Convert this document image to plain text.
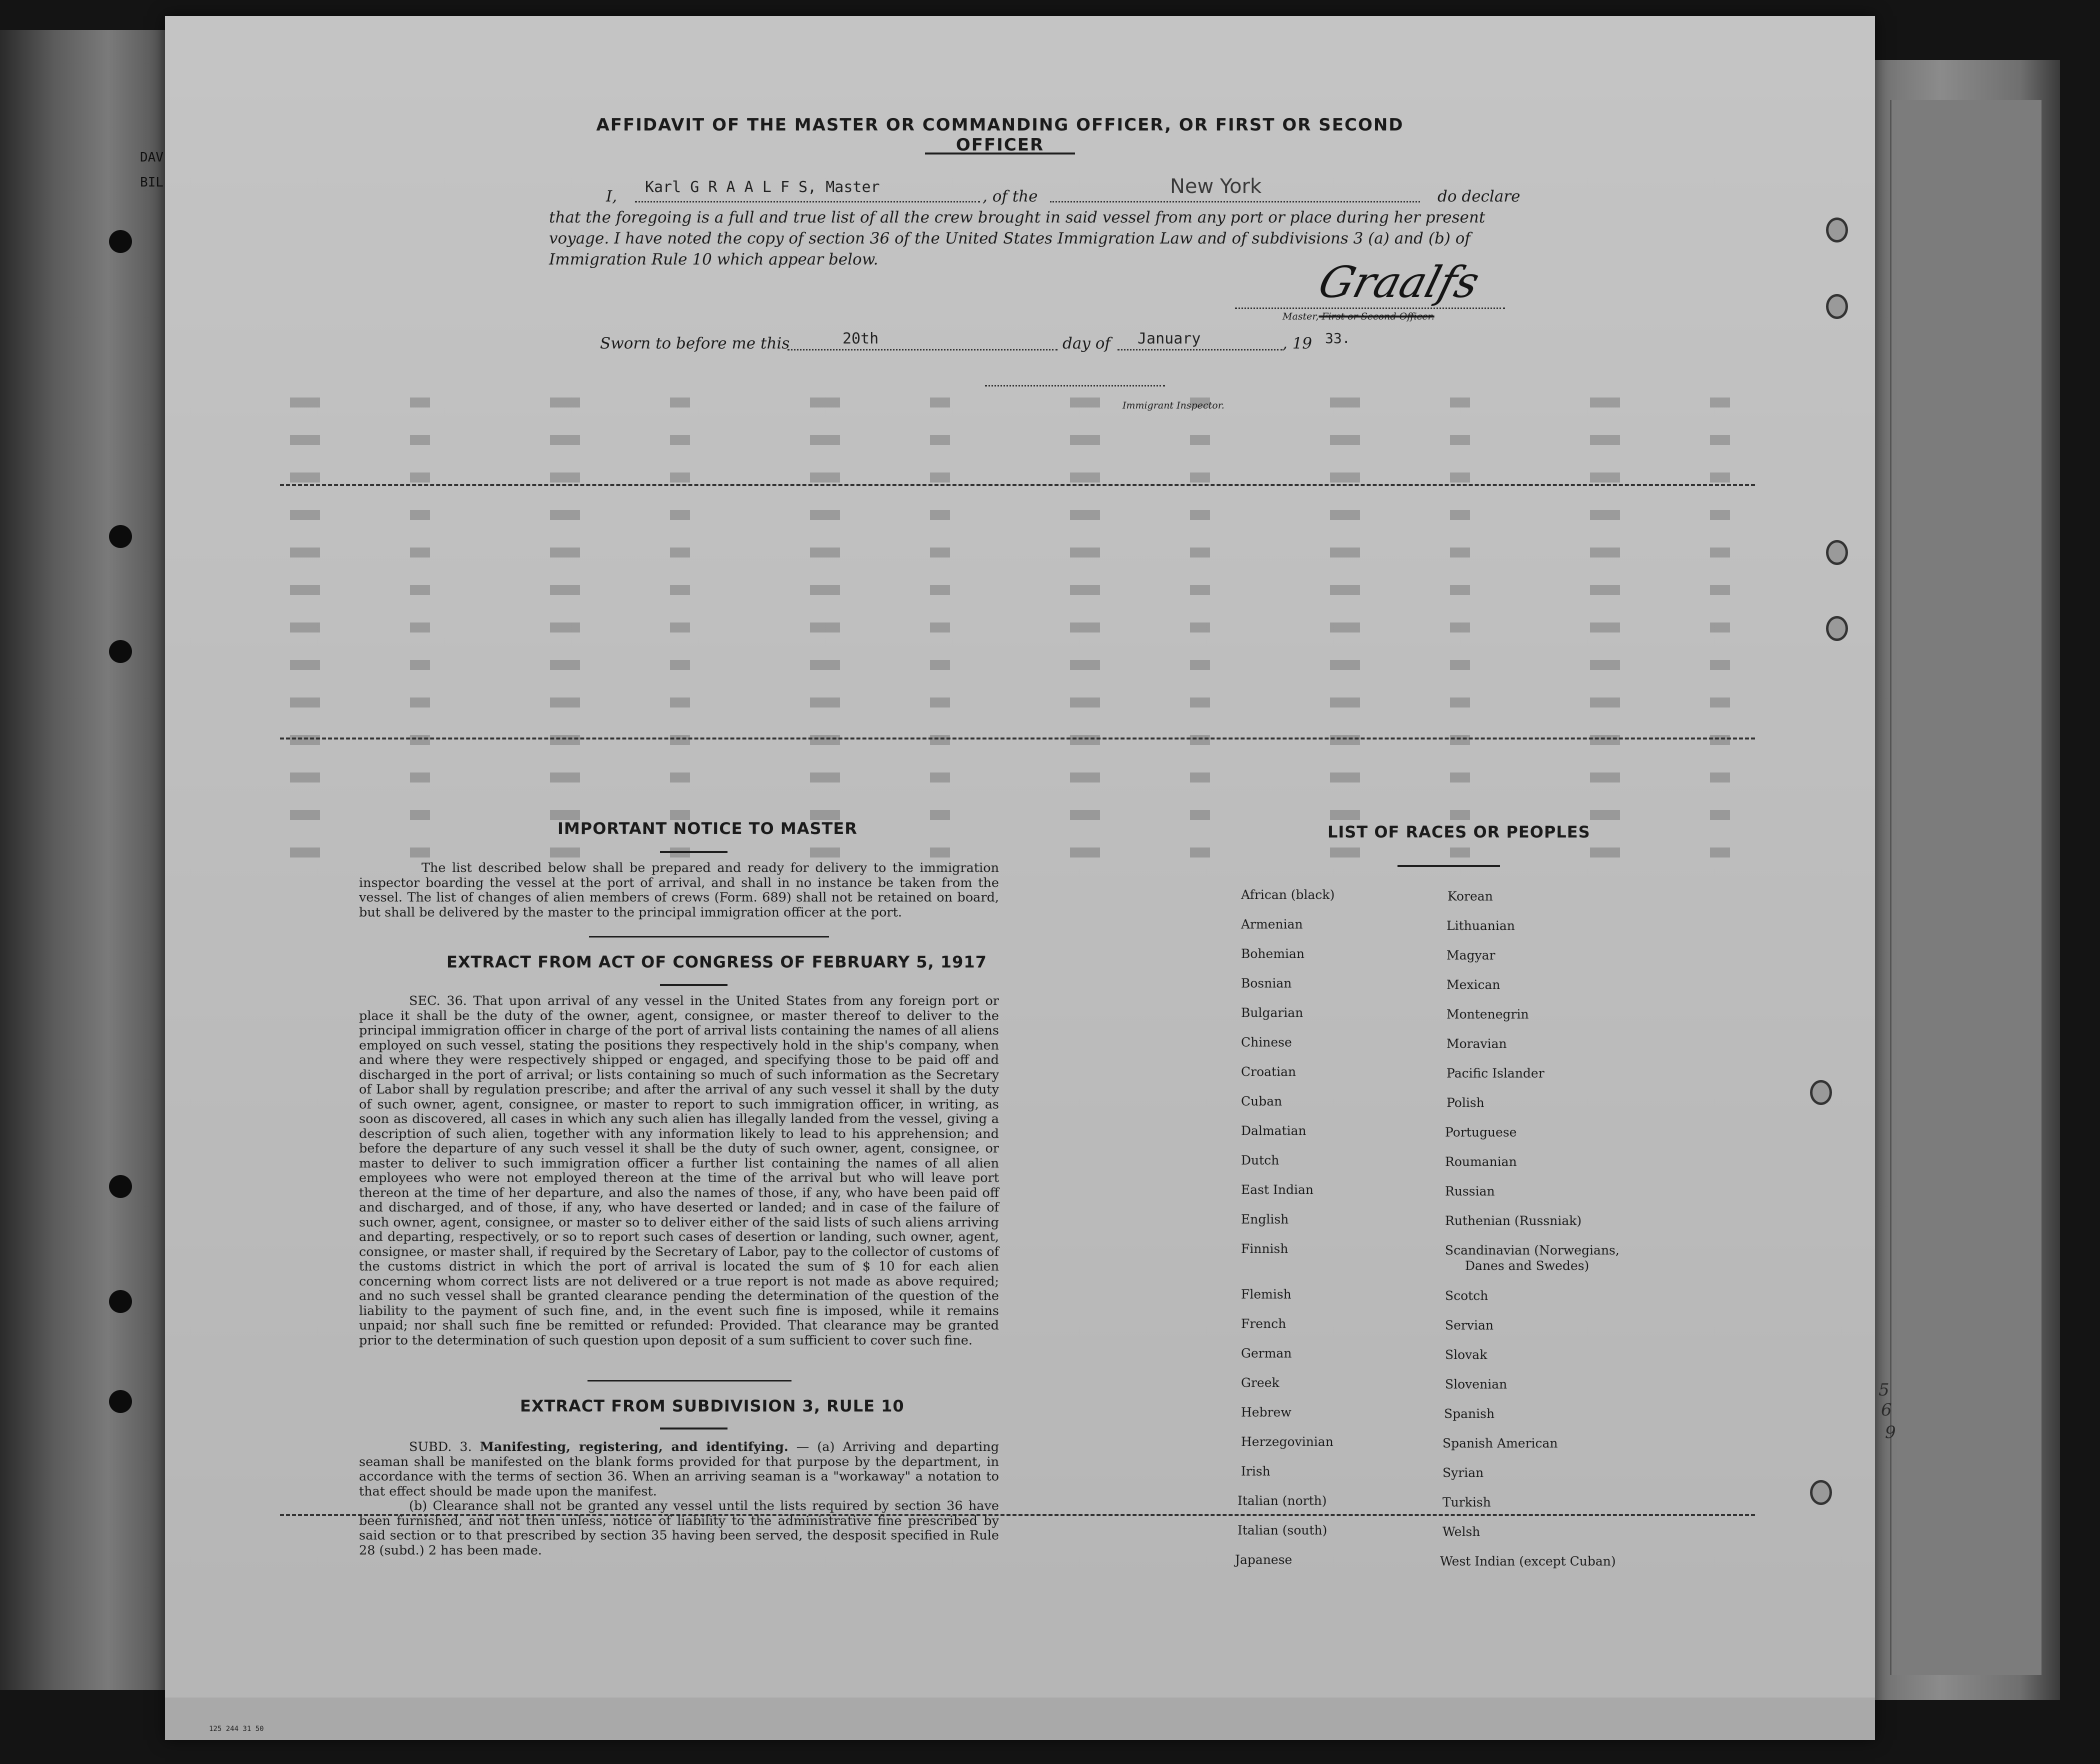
DAV
BIL
AFFIDAVIT OF THE MASTER OR COMMANDING OFFICER, OR FIRST OR SECOND OFFICER
I,
Karl G R A A L F S, Master
, of the	New York	do declare
that the foregoing is a full and true list of all the crew brought in said vessel from any port or place during her present
voyage. I have noted the copy of section 36 of the United States Immigration Law and of subdivisions 3 (a) and (b) of
Immigration Rule 10 which appear below.	Graalfs
Master, First or Second Officer.
Sworn to before me this	20th	day of January	, 19 33.
Immigrant Inspector.
IMPORTANT NOTICE TO MASTER
The list described below shall be prepared and ready for delivery to the immigration inspector boarding the vessel at the port of arrival, and shall in no instance be taken from the vessel. The list of changes of alien members of crews (Form. 689) shall not be retained on board, but shall be delivered by the master to the principal immigration officer at the port.
EXTRACT FROM ACT OF CONGRESS OF FEBRUARY 5, 1917
SEC. 36. That upon arrival of any vessel in the United States from any foreign port or place it shall be the duty of the owner, agent, consignee, or master thereof to deliver to the principal immigration officer in charge of the port of arrival lists containing the names of all aliens employed on such vessel, stating the positions they respectively hold in the ship's company, when and where they were respectively shipped or engaged, and specifying those to be paid off and discharged in the port of arrival; or lists containing so much of such information as the Secretary of Labor shall by regulation prescribe; and after the arrival of any such vessel it shall by the duty of such owner, agent, consignee, or master to report to such immigration officer, in writing, as soon as discovered, all cases in which any such alien has illegally landed from the vessel, giving a description of such alien, together with any information likely to lead to his apprehension; and before the departure of any such vessel it shall be the duty of such owner, agent, consignee, or master to deliver to such immigration officer a further list containing the names of all alien employees who were not employed thereon at the time of the arrival but who will leave port thereon at the time of her departure, and also the names of those, if any, who have been paid off and discharged, and of those, if any, who have deserted or landed; and in case of the failure of such owner, agent, consignee, or master so to deliver either of the said lists of such aliens arriving and departing, respectively, or so to report such cases of desertion or landing, such owner, agent, consignee, or master shall, if required by the Secretary of Labor, pay to the collector of customs of the customs district in which the port of arrival is located the sum of $ 10 for each alien concerning whom correct lists are not delivered or a true report is not made as above required; and no such vessel shall be granted clearance pending the determination of the question of the liability to the payment of such fine, and, in the event such fine is imposed, while it remains unpaid; nor shall such fine be remitted or refunded: Provided. That clearance may be granted prior to the determination of such question upon deposit of a sum sufficient to cover such fine.
EXTRACT FROM SUBDIVISION 3, RULE 10
SUBD. 3. Manifesting, registering, and identifying. — (a) Arriving and departing seaman shall be manifested on the blank forms provided for that purpose by the department, in accordance with the terms of section 36. When an arriving seaman is a "workaway" a notation to that effect should be made upon the manifest.
(b) Clearance shall not be granted any vessel until the lists required by section 36 have been furnished, and not then unless, notice of liability to the administrative fine prescribed by said section or to that prescribed by section 35 having been served, the desposit specified in Rule 28 (subd.) 2 has been made.
LIST OF RACES OR PEOPLES
African (black)
Armenian
Bohemian
Bosnian
Bulgarian
Chinese
Croatian
Cuban
Dalmatian
Dutch
East Indian
English
Finnish
Flemish
French
German
Greek
Hebrew
Herzegovinian
Irish
Italian (north)
Italian (south)
Japanese
Korean
Lithuanian
Magyar
Mexican
Montenegrin
Moravian
Pacific Islander
Polish
Portuguese
Roumanian
Russian
Ruthenian (Russniak)
Scandinavian (Norwegians,
Danes and Swedes)
Scotch
Servian
Slovak
Slovenian
Spanish
Spanish American
Syrian
Turkish
Welsh
West Indian (except Cuban)
5
6
9
125 244 31 50
